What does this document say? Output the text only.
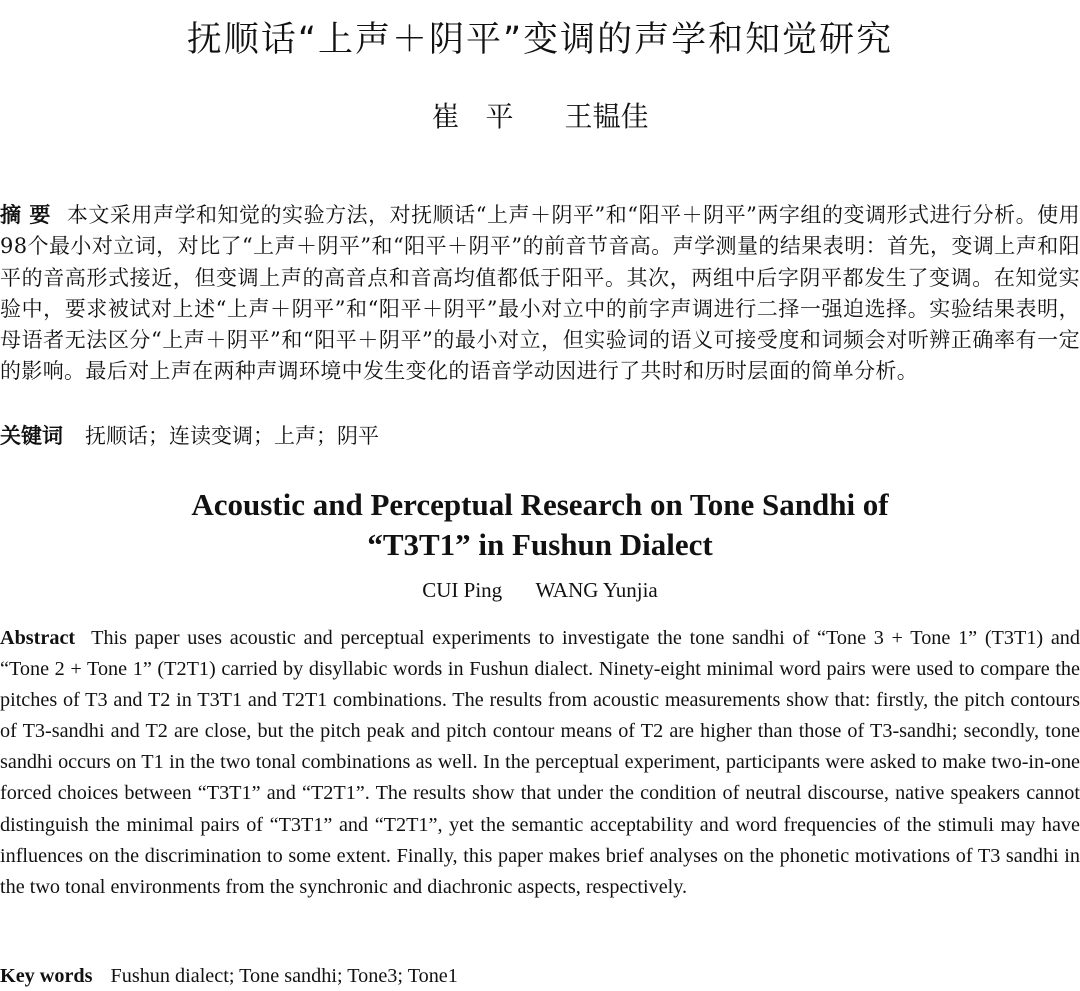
抚顺话“上声＋阴平”变调的声学和知觉研究
崔平 王韫佳

摘 要 本文采用声学和知觉的实验方法，对抚顺话“上声＋阴平”和“阳平＋阴平”两字组的变调形式进行分析。使用98个最小对立词，对比了“上声＋阴平”和“阳平＋阴平”的前音节音高。声学测量的结果表明：首先，变调上声和阳平的音高形式接近，但变调上声的高音点和音高均值都低于阳平。其次，两组中后字阴平都发生了变调。在知觉实验中，要求被试对上述“上声＋阴平”和“阳平＋阴平”最小对立中的前字声调进行二择一强迫选择。实验结果表明，母语者无法区分“上声＋阴平”和“阳平＋阴平”的最小对立，但实验词的语义可接受度和词频会对听辨正确率有一定的影响。最后对上声在两种声调环境中发生变化的语音学动因进行了共时和历时层面的简单分析。

关键词 抚顺话；连读变调；上声；阴平

Acoustic and Perceptual Research on Tone Sandhi of
“T3T1” in Fushun Dialect
CUI Ping WANG Yunjia

Abstract This paper uses acoustic and perceptual experiments to investigate the tone sandhi of “Tone 3 + Tone 1” (T3T1) and “Tone 2 + Tone 1” (T2T1) carried by disyllabic words in Fushun dialect. Ninety-eight minimal word pairs were used to compare the pitches of T3 and T2 in T3T1 and T2T1 combinations. The results from acoustic measurements show that: firstly, the pitch contours of T3-sandhi and T2 are close, but the pitch peak and pitch contour means of T2 are higher than those of T3-sandhi; secondly, tone sandhi occurs on T1 in the two tonal combinations as well. In the perceptual experiment, participants were asked to make two-in-one forced choices between “T3T1” and “T2T1”. The results show that under the condition of neutral discourse, native speakers cannot distinguish the minimal pairs of “T3T1” and “T2T1”, yet the semantic acceptability and word frequencies of the stimuli may have influences on the discrimination to some extent. Finally, this paper makes brief analyses on the phonetic motivations of T3 sandhi in the two tonal environments from the synchronic and diachronic aspects, respectively.

Key words Fushun dialect; Tone sandhi; Tone3; Tone1
